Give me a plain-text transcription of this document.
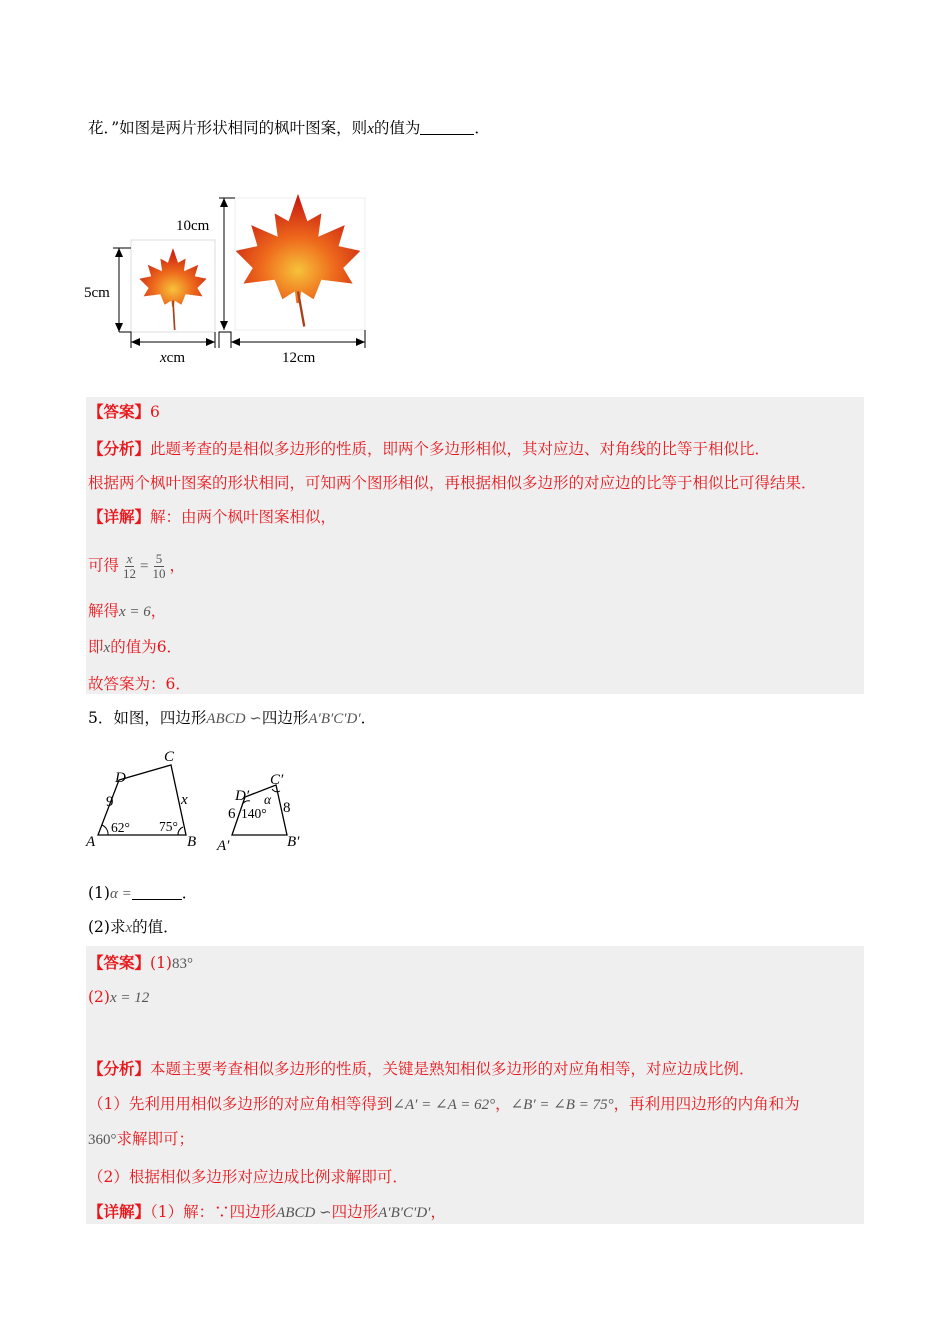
花．”如图是两片形状相同的枫叶图案，则x的值为	．
10cm
5cm
xcm	12cm
【答案】6
【分析】此题考查的是相似多边形的性质，即两个多边形相似，其对应边、对角线的比等于相似比．
根据两个枫叶图案的形状相同，可知两个图形相似，再根据相似多边形的对应边的比等于相似比可得结果．
【详解】解：由两个枫叶图案相似，
可得 $\frac{x}{12} = \frac{5}{10}$ ，
解得x = 6，
即x的值为6．
故答案为：6．
5．如图，四边形ABCD ∽四边形A′B′C′D′．
A	B
C
D
9	x
62° 75°
A′	B′
C′
D′
6	8
140°
α
(1)α =	．
(2)求x的值．
【答案】(1)83°
(2)x = 12
【分析】本题主要考查相似多边形的性质，关键是熟知相似多边形的对应角相等，对应边成比例．
（1）先利用用相似多边形的对应角相等得到∠A′ = ∠A = 62°，∠B′ = ∠B = 75°，再利用四边形的内角和为
360°求解即可；
（2）根据相似多边形对应边成比例求解即可．
【详解】（1）解：∵四边形ABCD ∽四边形A′B′C′D′，
